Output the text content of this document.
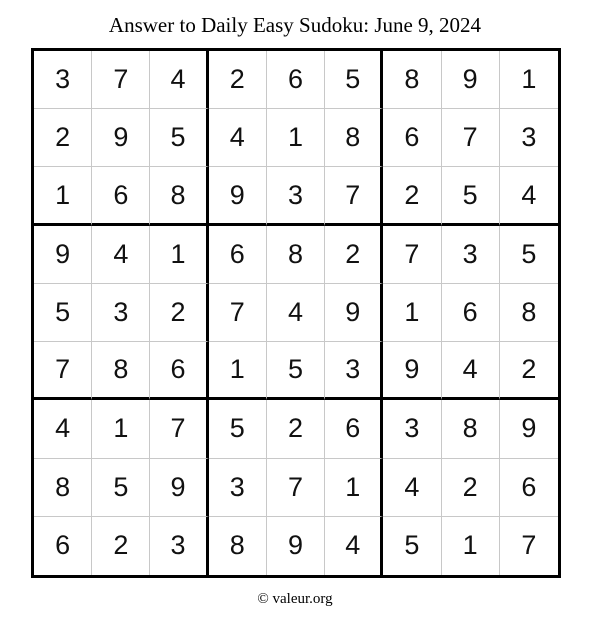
Answer to Daily Easy Sudoku: June 9, 2024
3	7	4	2	6	5	8	9	1
2	9	5	4	1	8	6	7	3
1	6	8	9	3	7	2	5	4
9	4	1	6	8	2	7	3	5
5	3	2	7	4	9	1	6	8
7	8	6	1	5	3	9	4	2
4	1	7	5	2	6	3	8	9
8	5	9	3	7	1	4	2	6
6	2	3	8	9	4	5	1	7
© valeur.org
